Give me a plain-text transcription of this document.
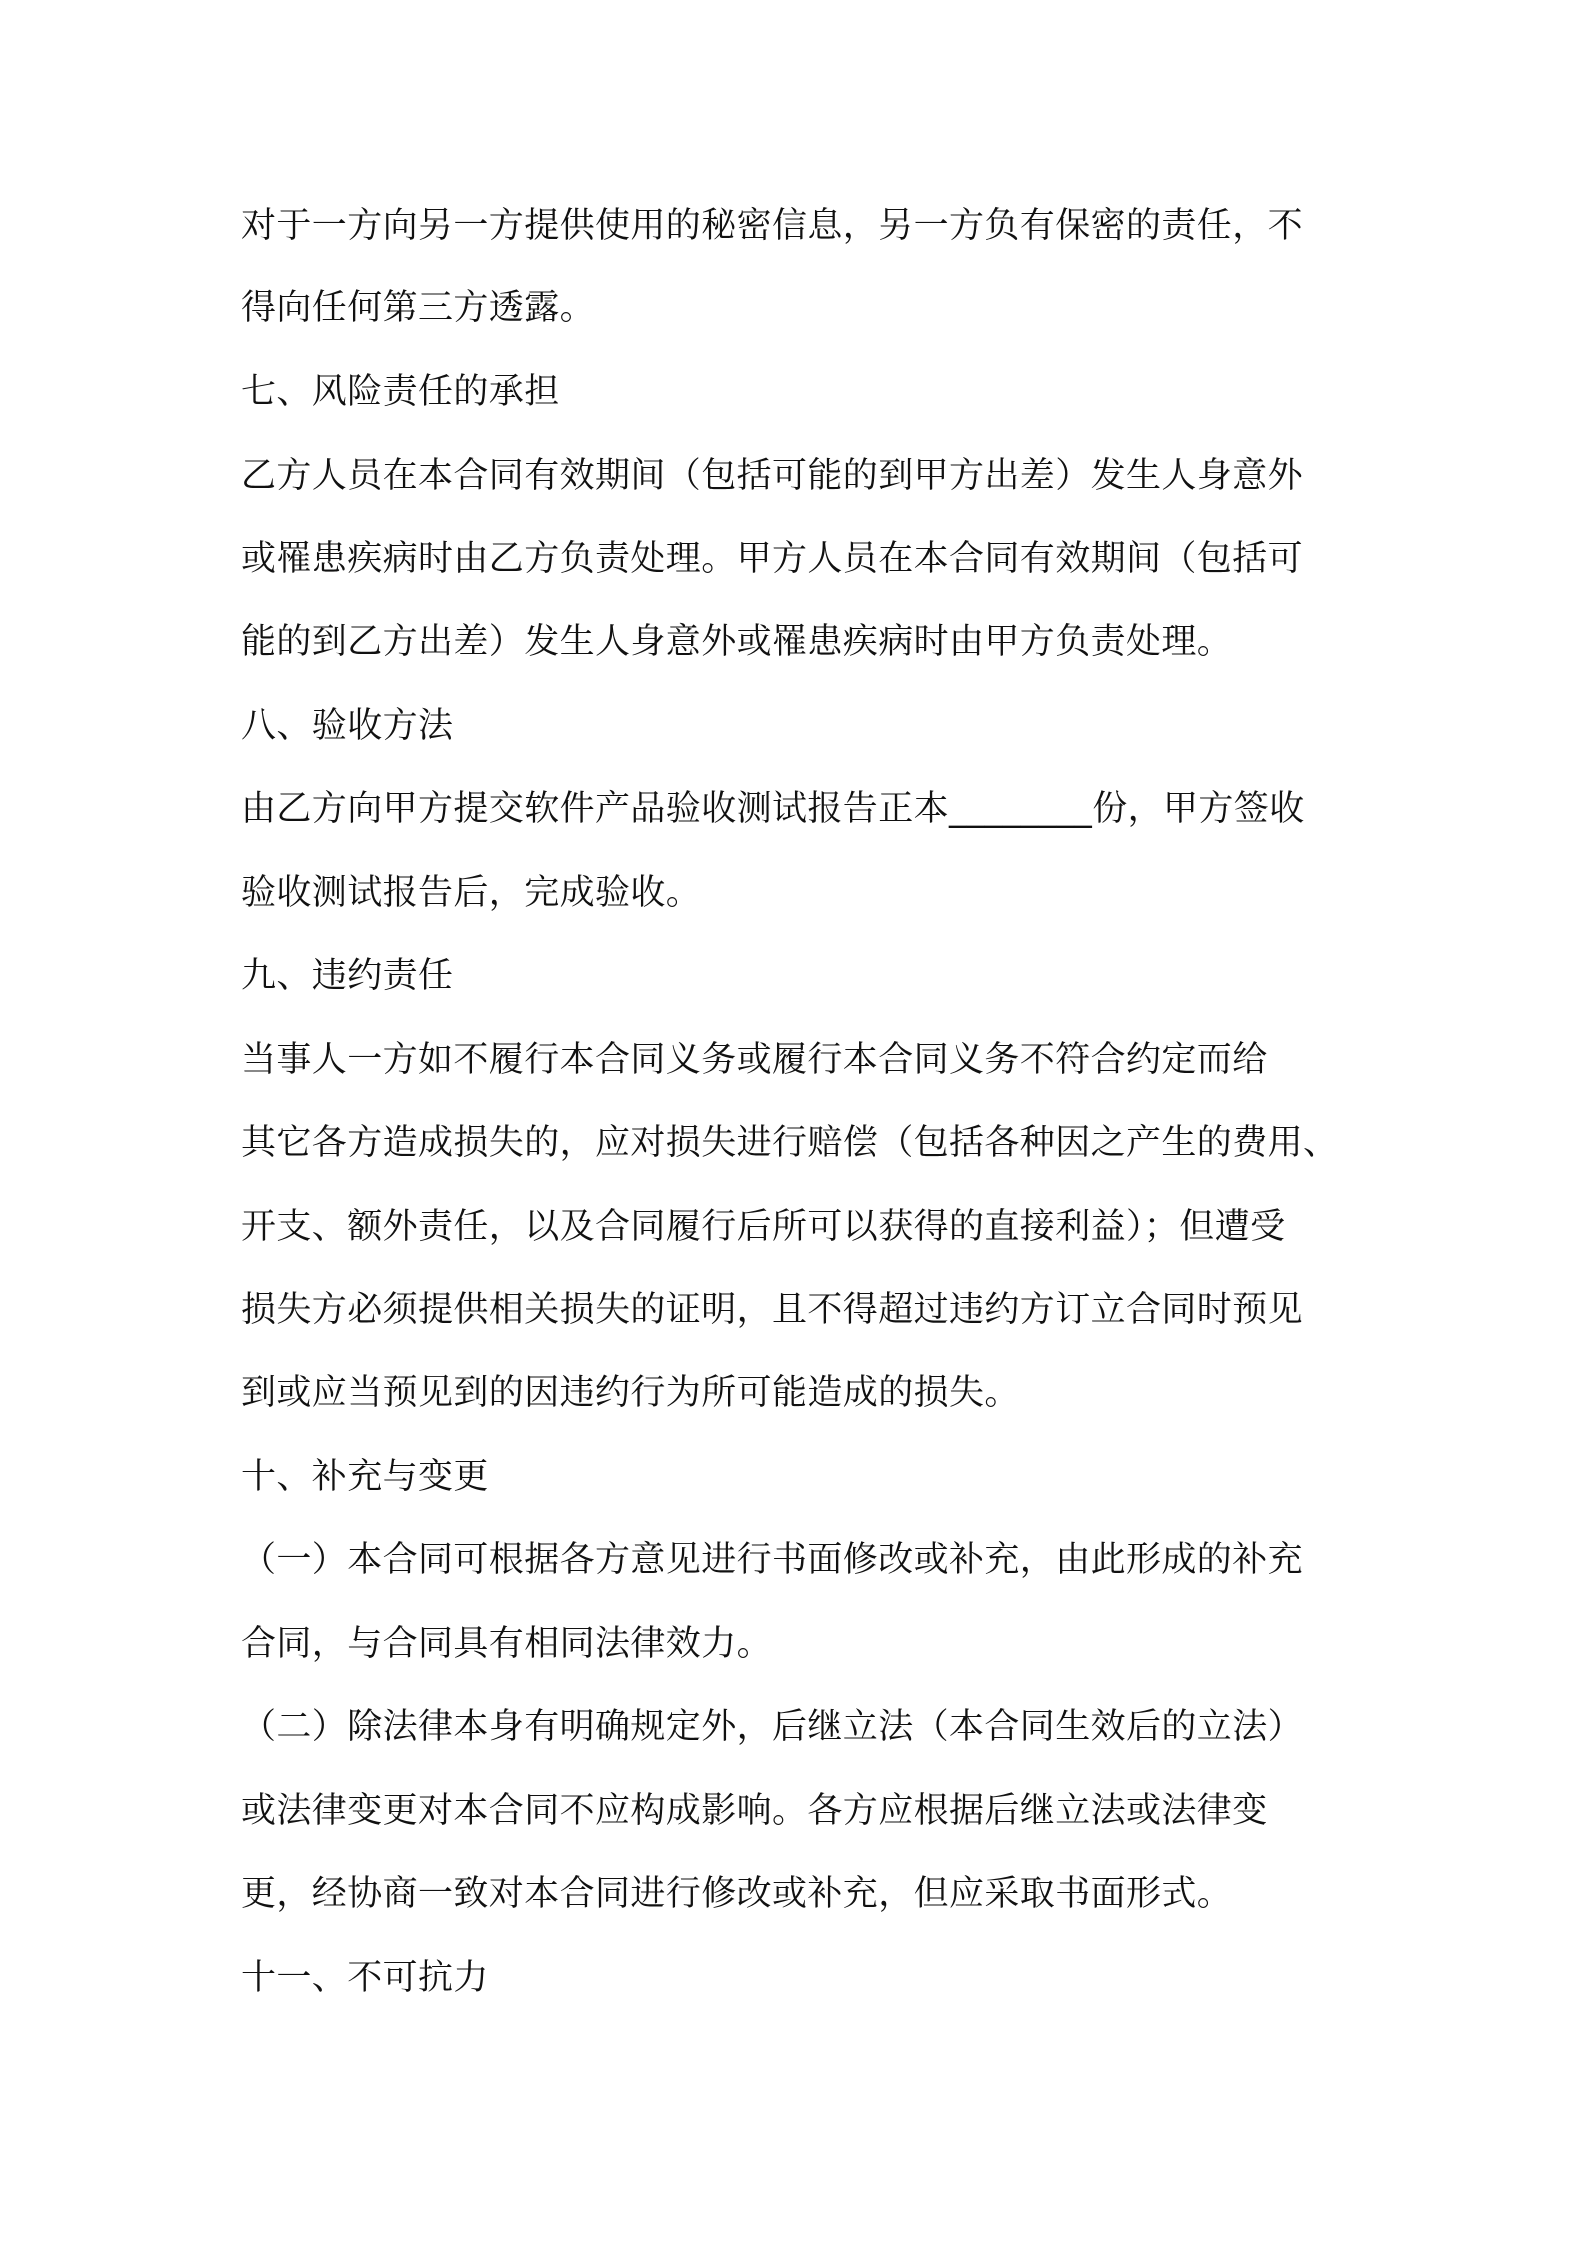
对于一方向另一方提供使用的秘密信息，另一方负有保密的责任，不
得向任何第三方透露。
七、风险责任的承担
乙方人员在本合同有效期间（包括可能的到甲方出差）发生人身意外
或罹患疾病时由乙方负责处理。甲方人员在本合同有效期间（包括可
能的到乙方出差）发生人身意外或罹患疾病时由甲方负责处理。
八、验收方法
由乙方向甲方提交软件产品验收测试报告正本________份，甲方签收
验收测试报告后，完成验收。
九、违约责任
当事人一方如不履行本合同义务或履行本合同义务不符合约定而给
其它各方造成损失的，应对损失进行赔偿（包括各种因之产生的费用、
开支、额外责任，以及合同履行后所可以获得的直接利益）；但遭受
损失方必须提供相关损失的证明，且不得超过违约方订立合同时预见
到或应当预见到的因违约行为所可能造成的损失。
十、补充与变更
（一）本合同可根据各方意见进行书面修改或补充，由此形成的补充
合同，与合同具有相同法律效力。
（二）除法律本身有明确规定外，后继立法（本合同生效后的立法）
或法律变更对本合同不应构成影响。各方应根据后继立法或法律变
更，经协商一致对本合同进行修改或补充，但应采取书面形式。
十一、不可抗力
